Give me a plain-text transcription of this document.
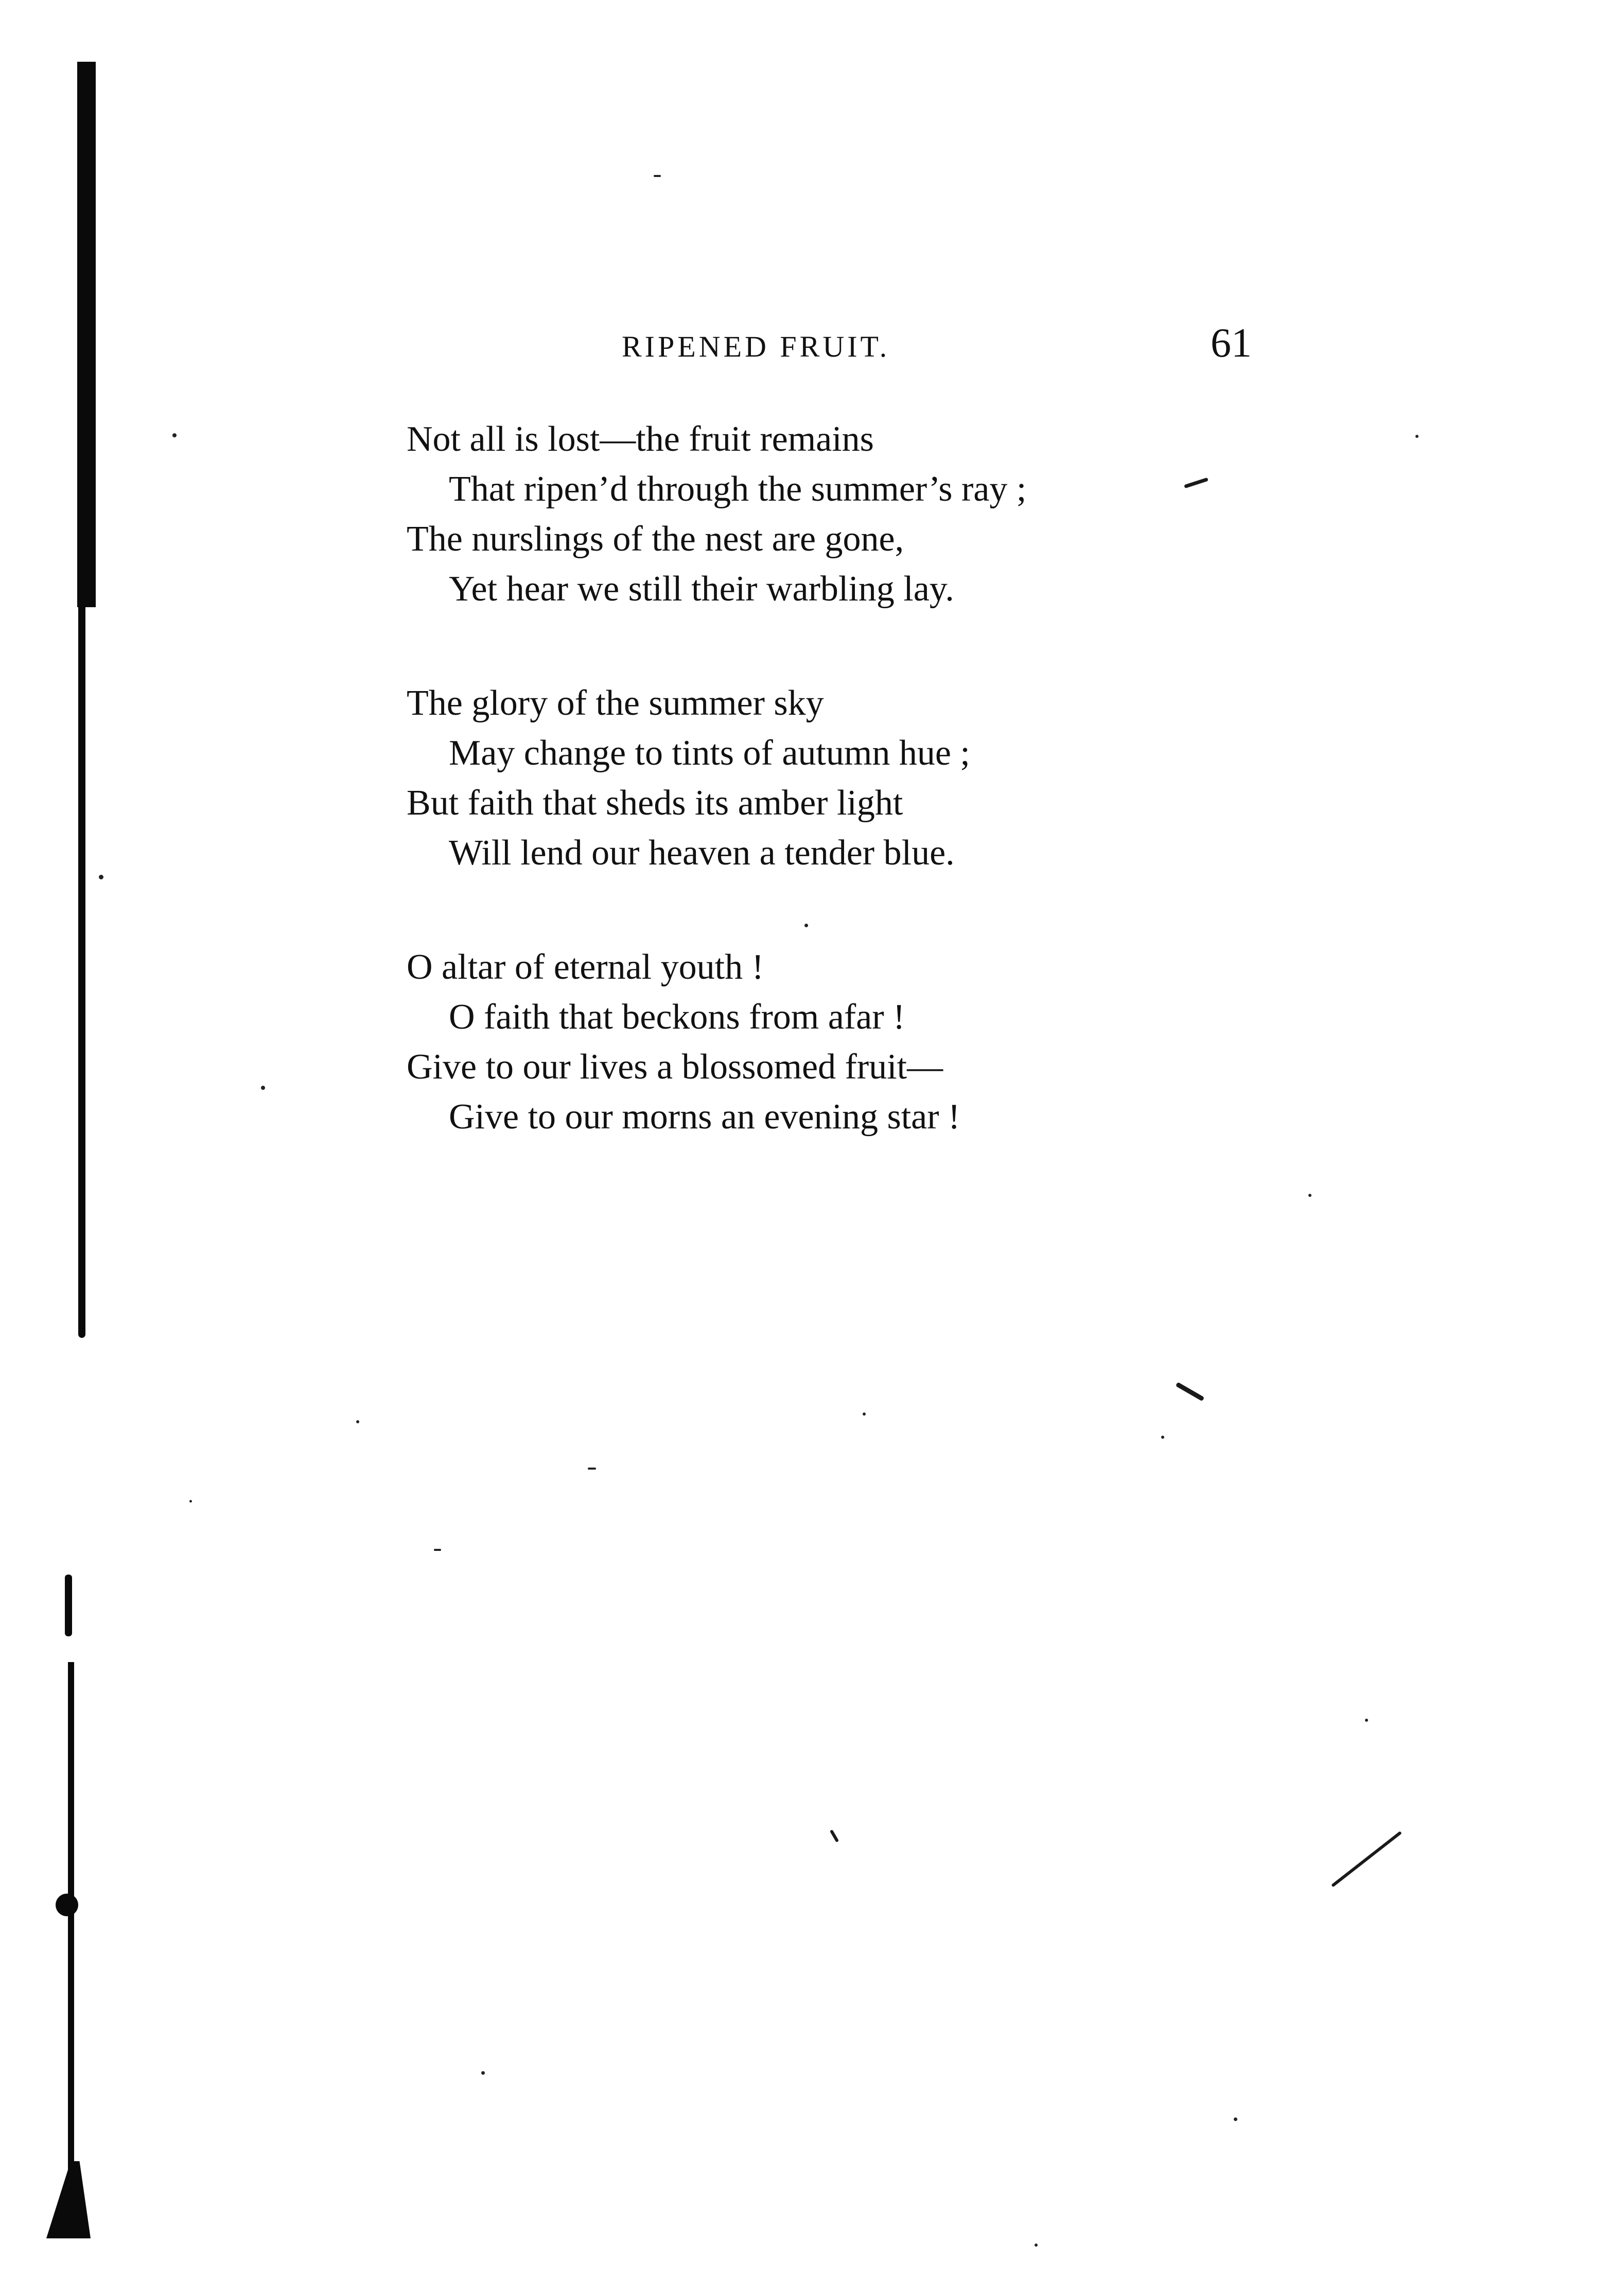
RIPENED FRUIT.	61
Not all is lost—the fruit remains
That ripen’d through the summer’s ray ;
The nurslings of the nest are gone,
Yet hear we still their warbling lay.
The glory of the summer sky
May change to tints of autumn hue ;
But faith that sheds its amber light
Will lend our heaven a tender blue.
O altar of eternal youth !
O faith that beckons from afar !
Give to our lives a blossomed fruit—
Give to our morns an evening star !
